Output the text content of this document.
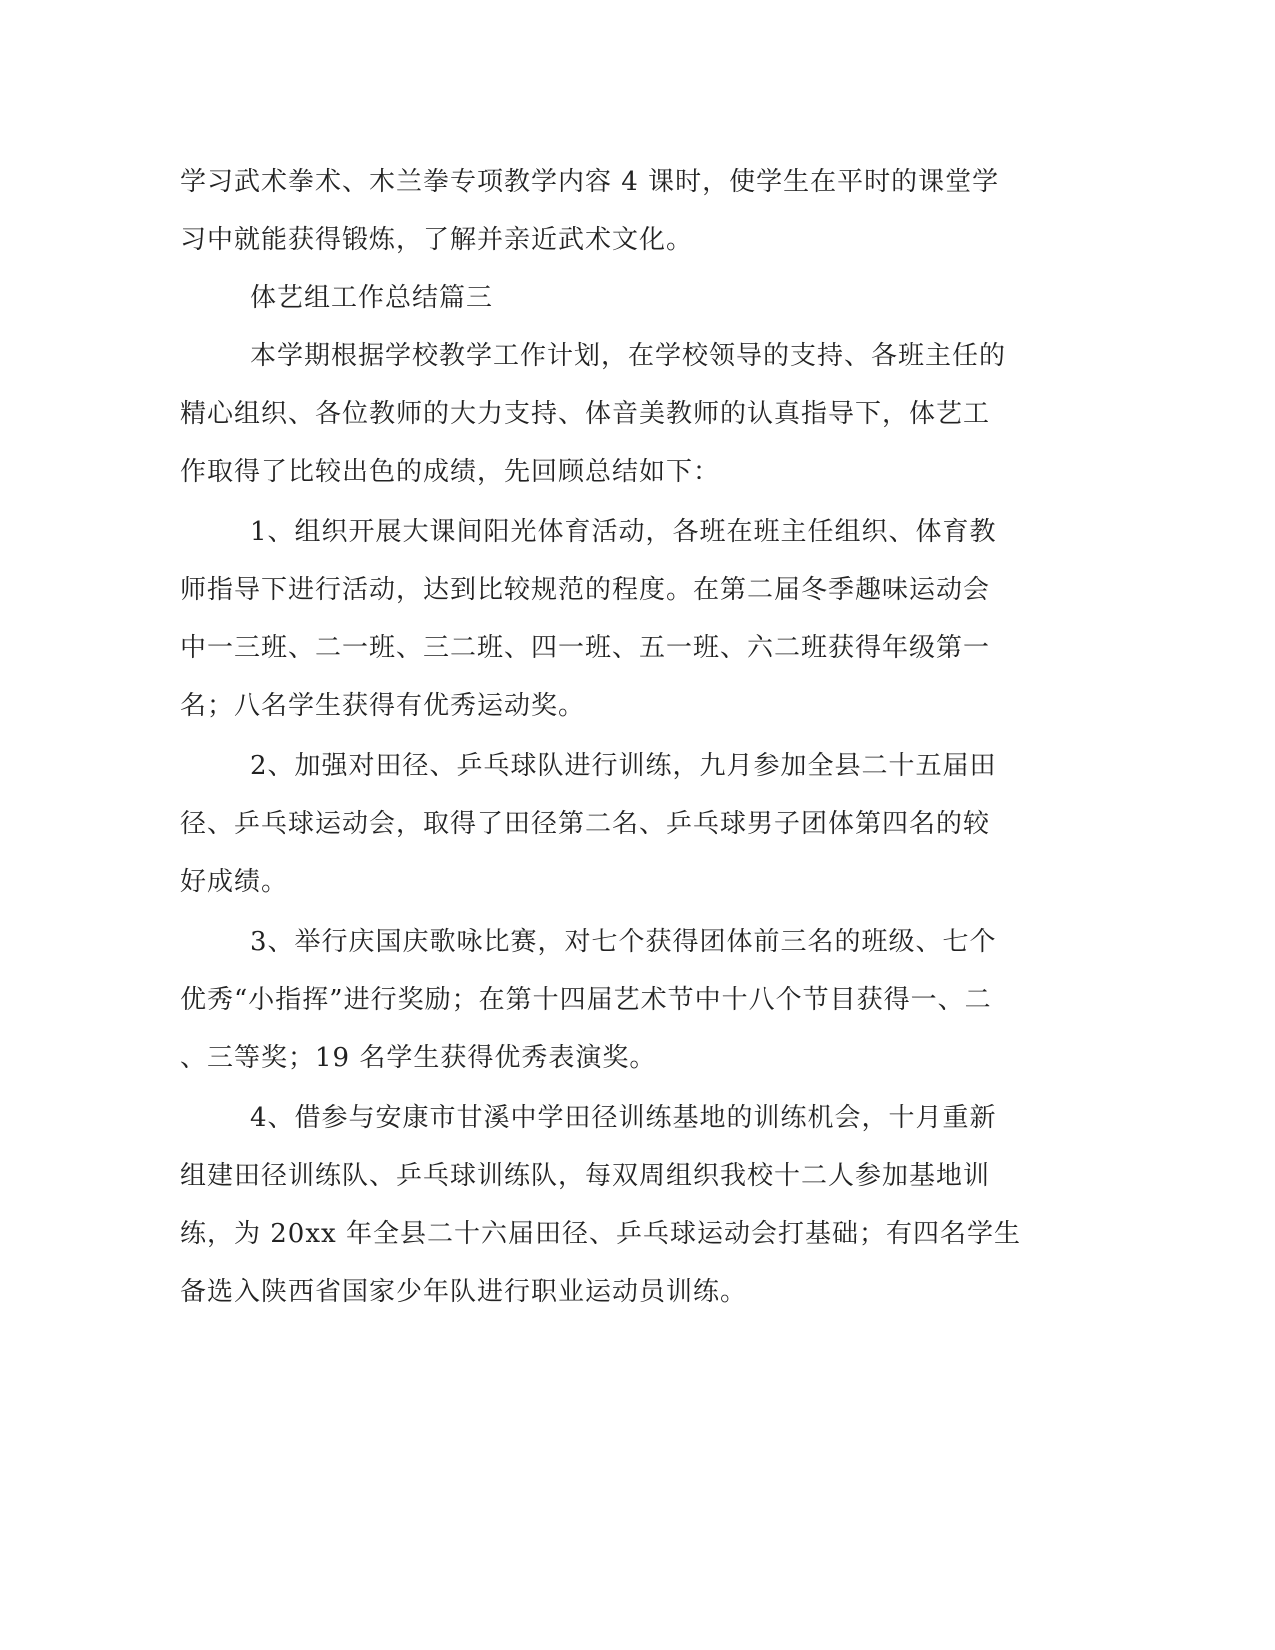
学习武术拳术、木兰拳专项教学内容 4 课时，使学生在平时的课堂学
习中就能获得锻炼，了解并亲近武术文化。
体艺组工作总结篇三
本学期根据学校教学工作计划，在学校领导的支持、各班主任的
精心组织、各位教师的大力支持、体音美教师的认真指导下，体艺工
作取得了比较出色的成绩，先回顾总结如下：
1、组织开展大课间阳光体育活动，各班在班主任组织、体育教
师指导下进行活动，达到比较规范的程度。在第二届冬季趣味运动会
中一三班、二一班、三二班、四一班、五一班、六二班获得年级第一
名；八名学生获得有优秀运动奖。
2、加强对田径、乒乓球队进行训练，九月参加全县二十五届田
径、乒乓球运动会，取得了田径第二名、乒乓球男子团体第四名的较
好成绩。
3、举行庆国庆歌咏比赛，对七个获得团体前三名的班级、七个
优秀“小指挥”进行奖励；在第十四届艺术节中十八个节目获得一、二
、三等奖；19 名学生获得优秀表演奖。
4、借参与安康市甘溪中学田径训练基地的训练机会，十月重新
组建田径训练队、乒乓球训练队，每双周组织我校十二人参加基地训
练，为 20xx 年全县二十六届田径、乒乓球运动会打基础；有四名学生
备选入陕西省国家少年队进行职业运动员训练。
